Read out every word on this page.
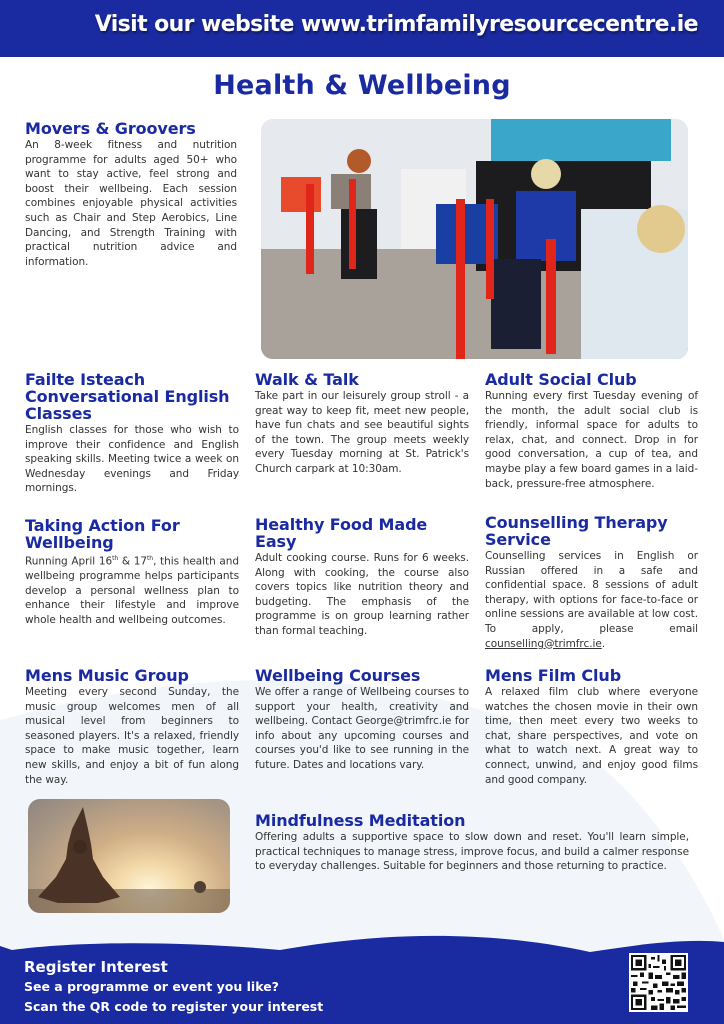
Visit our website www.trimfamilyresourcecentre.ie
Health & Wellbeing
Movers & Groovers

An 8-week fitness and nutrition programme for adults aged 50+ who want to stay active, feel strong and boost their wellbeing. Each session combines enjoyable physical activities such as Chair and Step Aerobics, Line Dancing, and Strength Training with practical nutrition advice and information.

Failte Isteach Conversational English Classes

English classes for those who wish to improve their confidence and English speaking skills. Meeting twice a week on Wednesday evenings and Friday mornings.

Walk & Talk

Take part in our leisurely group stroll - a great way to keep fit, meet new people, have fun chats and see beautiful sights of the town. The group meets weekly every Tuesday morning at St. Patrick's Church carpark at 10:30am.

Adult Social Club

Running every first Tuesday evening of the month, the adult social club is friendly, informal space for adults to relax, chat, and connect. Drop in for good conversation, a cup of tea, and maybe play a few board games in a laid-back, pressure-free atmosphere.

Taking Action For Wellbeing

Running April 16th & 17th, this health and wellbeing programme helps participants develop a personal wellness plan to enhance their lifestyle and improve whole health and wellbeing outcomes.

Healthy Food Made Easy

Adult cooking course. Runs for 6 weeks. Along with cooking, the course also covers topics like nutrition theory and budgeting. The emphasis of the programme is on group learning rather than formal teaching.

Counselling Therapy Service

Counselling services in English or Russian offered in a safe and confidential space. 8 sessions of adult therapy, with options for face-to-face or online sessions are available at low cost. To apply, please email counselling@trimfrc.ie.

Mens Music Group

Meeting every second Sunday, the music group welcomes men of all musical level from beginners to seasoned players. It's a relaxed, friendly space to make music together, learn new skills, and enjoy a bit of fun along the way.

Wellbeing Courses

We offer a range of Wellbeing courses to support your health, creativity and wellbeing. Contact George@trimfrc.ie for info about any upcoming courses and courses you'd like to see running in the future. Dates and locations vary.

Mens Film Club

A relaxed film club where everyone watches the chosen movie in their own time, then meet every two weeks to chat, share perspectives, and vote on what to watch next. A great way to connect, unwind, and enjoy good films and good company.

Mindfulness Meditation

Offering adults a supportive space to slow down and reset. You'll learn simple, practical techniques to manage stress, improve focus, and build a calmer response to everyday challenges. Suitable for beginners and those returning to practice.

Register Interest
See a programme or event you like?
Scan the QR code to register your interest
